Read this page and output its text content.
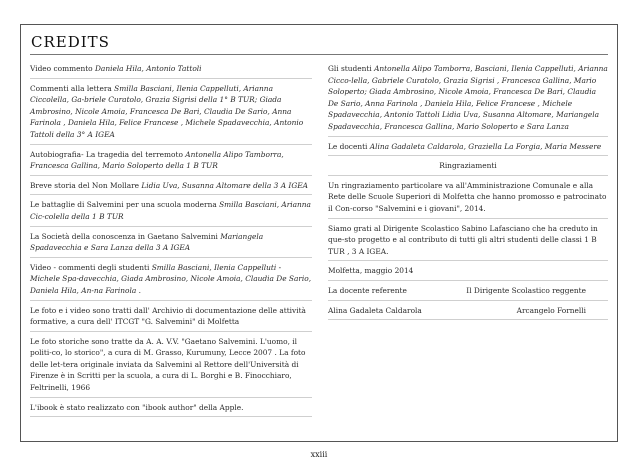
CREDITS

Video commento Daniela Hila, Antonio Tattoli

Commenti alla lettera Smilla Basciani, Ilenia Cappelluti, Arianna Ciccolella, Ga-briele Curatolo, Grazia Sigrisi della 1° B TUR; Giada Ambrosino, Nicole Amoia, Francesca De Bari, Claudia De Sario, Anna Farinola , Daniela Hila, Felice Francese , Michele Spadavecchia, Antonio Tattoli della 3° A IGEA

Autobiografia- La tragedia del terremoto Antonella Alipo Tamborra, Francesca Gallina, Mario Soloperto della 1 B TUR

Breve storia del Non Mollare Lidia Uva, Susanna Altomare della 3 A IGEA

Le battaglie di Salvemini per una scuola moderna Smilla Basciani, Arianna Cic-colella della 1 B TUR

La Società della conoscenza in Gaetano Salvemini Mariangela Spadavecchia e Sara Lanza della 3 A IGEA

Video - commenti degli studenti Smilla Basciani, Ilenia Cappelluti - Michele Spa-davecchia, Giada Ambrosino, Nicole Amoia, Claudia De Sario, Daniela Hila, An-na Farinola .

Le foto e i video sono tratti dall' Archivio di documentazione delle attività formative, a cura dell' ITCGT "G. Salvemini" di Molfetta

Le foto storiche sono tratte da A. A. V.V. "Gaetano Salvemini. L'uomo, il politi-co, lo storico", a cura di M. Grasso, Kurumuny, Lecce 2007 . La foto delle let-tera originale inviata da Salvemini al Rettore dell'Università di Firenze è in Scritti per la scuola, a cura di L. Borghi e B. Finocchiaro, Feltrinelli, 1966

L'ibook è stato realizzato con "ibook author" della Apple.

Gli studenti Antonella Alipo Tamborra, Basciani, Ilenia Cappelluti, Arianna Cicco-lella, Gabriele Curatolo, Grazia Sigrisi , Francesca Gallina, Mario Soloperto; Giada Ambrosino, Nicole Amoia, Francesca De Bari, Claudia De Sario, Anna Farinola , Daniela Hila, Felice Francese , Michele Spadavecchia, Antonio Tattoli Lidia Uva, Susanna Altomare, Mariangela Spadavecchia, Francesca Gallina, Mario Soloperto e Sara Lanza

Le docenti Alina Gadaleta Caldarola, Graziella La Forgia, Maria Messere

Ringraziamenti

Un ringraziamento particolare va all'Amministrazione Comunale e alla Rete delle Scuole Superiori di Molfetta che hanno promosso e patrocinato il Con-corso "Salvemini e i giovani", 2014.

Siamo grati al Dirigente Scolastico Sabino Lafasciano che ha creduto in que-sto progetto e al contributo di tutti gli altri studenti delle classi 1 B TUR , 3 A IGEA.

Molfetta, maggio 2014

La docente referente	Il Dirigente Scolastico reggente
Alina Gadaleta Caldarola	Arcangelo Fornelli
xxiii
